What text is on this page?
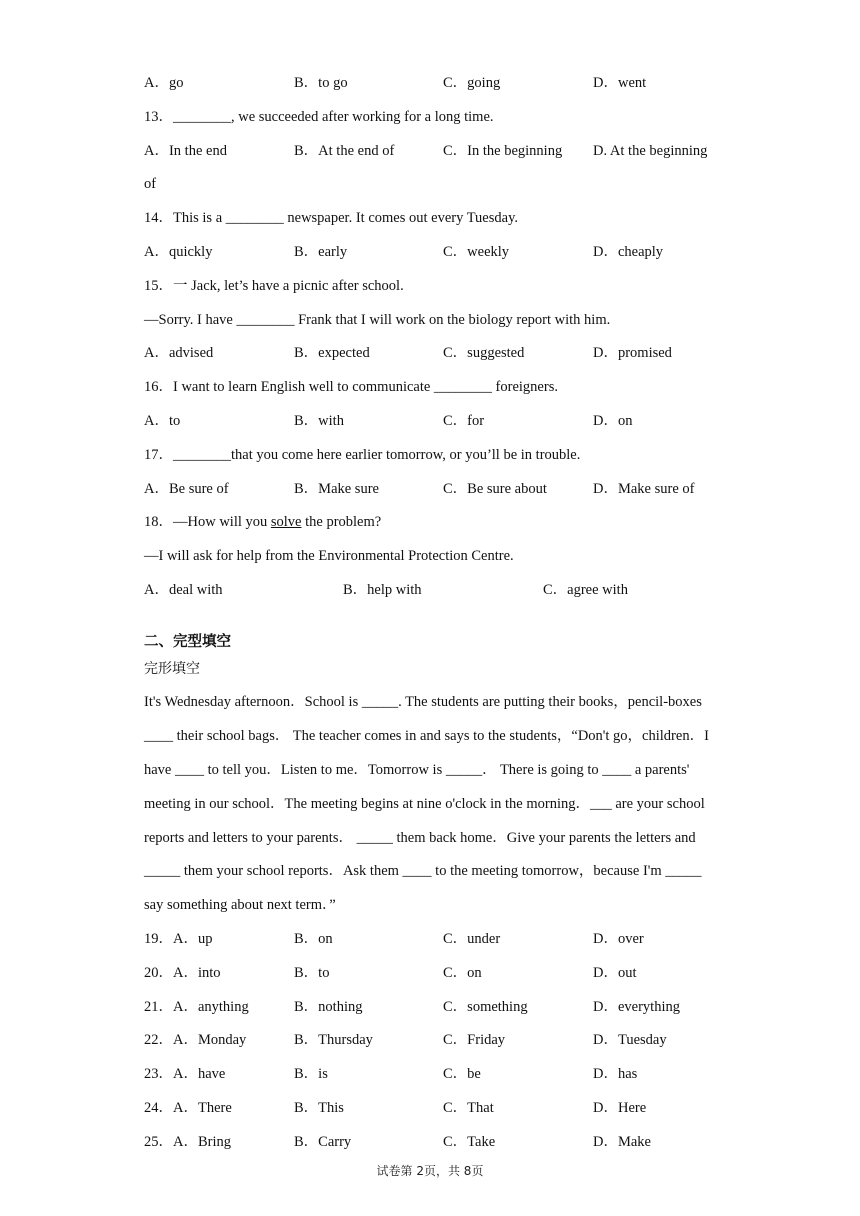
A．go	B．to go	C．going	D．went
13．________, we succeeded after working for a long time.
A．In the end	B．At the end of	C．In the beginning D. At the beginning
of
14．This is a ________ newspaper. It comes out every Tuesday.
A．quickly	B．early	C．weekly	D．cheaply
15．一 Jack, let’s have a picnic after school.
—Sorry. I have ________ Frank that I will work on the biology report with him.
A．advised	B．expected	C．suggested	D．promised
16．I want to learn English well to communicate ________ foreigners.
A．to	B．with	C．for	D．on
17．________that you come here earlier tomorrow, or you’ll be in trouble.
A．Be sure of	B．Make sure	C．Be sure about	D．Make sure of
18．—How will you solve the problem?
—I will ask for help from the Environmental Protection Centre.
A．deal with	B．help with	C．agree with
二、完型填空
完形填空
It's Wednesday afternoon．School is _____. The students are putting their books，pencil-boxes
____ their school bags． The teacher comes in and says to the students，“Don't go，children．I
have ____ to tell you．Listen to me．Tomorrow is _____． There is going to ____ a parents'
meeting in our school．The meeting begins at nine o'clock in the morning．___ are your school
reports and letters to your parents． _____ them back home．Give your parents the letters and
_____ them your school reports．Ask them ____ to the meeting tomorrow，because I'm _____
say something about next term．”
19．A．up	B．on	C．under	D．over
20．A．into	B．to	C．on	D．out
21．A．anything	B．nothing	C．something	D．everything
22．A．Monday	B．Thursday	C．Friday	D．Tuesday
23．A．have	B．is	C．be	D．has
24．A．There	B．This	C．That	D．Here
25．A．Bring	B．Carry	C．Take	D．Make
试卷第 2页，共 8页
